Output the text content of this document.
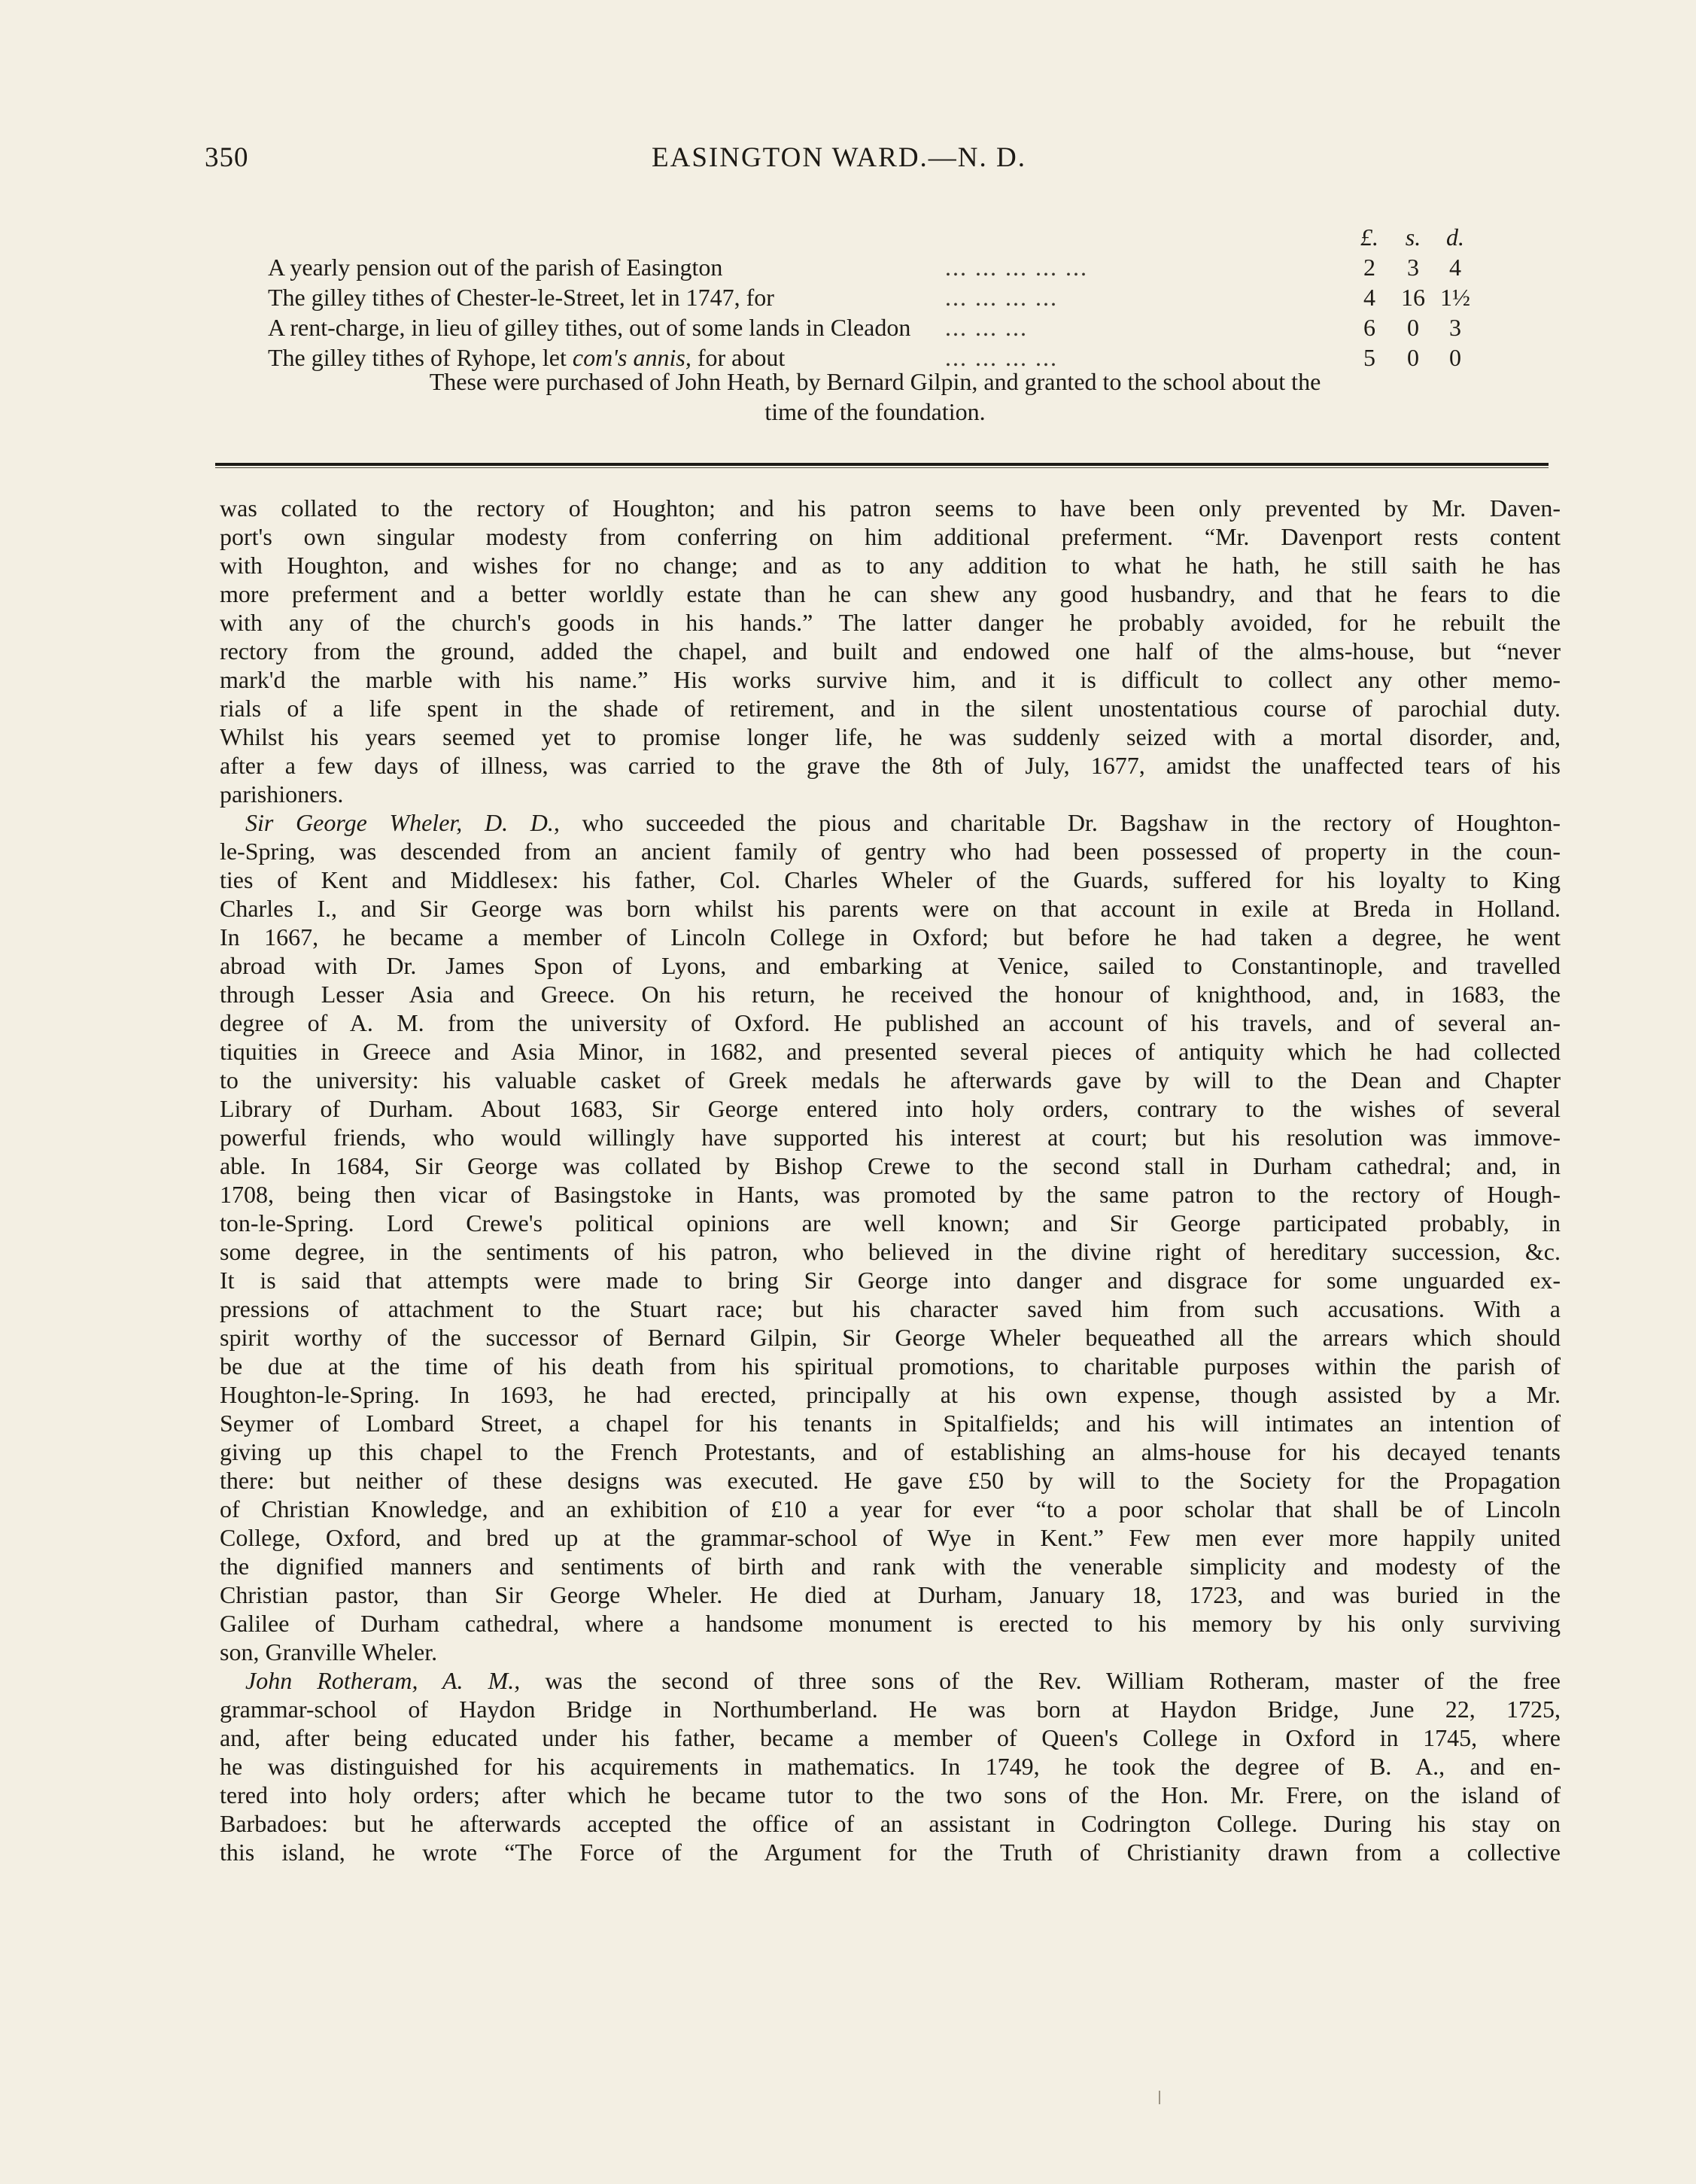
350	EASINGTON WARD.—N. D.
£.	s.	d.
A yearly pension out of the parish of Easington	... ... ... ... ...	2	3	4
The gilley tithes of Chester-le-Street, let in 1747, for	... ... ... ...	4	16 1½
A rent-charge, in lieu of gilley tithes, out of some lands in Cleadon ... ... ...	6	0	3
The gilley tithes of Ryhope, let com's annis, for about	... ... ... ...	5	0	0
These were purchased of John Heath, by Bernard Gilpin, and granted to the school about the
time of the foundation.
was collated to the rectory of Houghton; and his patron seems to have been only prevented by Mr. Daven-
port's own singular modesty from conferring on him additional preferment. “Mr. Davenport rests content
with Houghton, and wishes for no change; and as to any addition to what he hath, he still saith he has
more preferment and a better worldly estate than he can shew any good husbandry, and that he fears to die
with any of the church's goods in his hands.” The latter danger he probably avoided, for he rebuilt the
rectory from the ground, added the chapel, and built and endowed one half of the alms-house, but “never
mark'd the marble with his name.” His works survive him, and it is difficult to collect any other memo-
rials of a life spent in the shade of retirement, and in the silent unostentatious course of parochial duty.
Whilst his years seemed yet to promise longer life, he was suddenly seized with a mortal disorder, and,
after a few days of illness, was carried to the grave the 8th of July, 1677, amidst the unaffected tears of his
parishioners.
Sir George Wheler, D. D., who succeeded the pious and charitable Dr. Bagshaw in the rectory of Houghton-
le-Spring, was descended from an ancient family of gentry who had been possessed of property in the coun-
ties of Kent and Middlesex: his father, Col. Charles Wheler of the Guards, suffered for his loyalty to King
Charles I., and Sir George was born whilst his parents were on that account in exile at Breda in Holland.
In 1667, he became a member of Lincoln College in Oxford; but before he had taken a degree, he went
abroad with Dr. James Spon of Lyons, and embarking at Venice, sailed to Constantinople, and travelled
through Lesser Asia and Greece. On his return, he received the honour of knighthood, and, in 1683, the
degree of A. M. from the university of Oxford. He published an account of his travels, and of several an-
tiquities in Greece and Asia Minor, in 1682, and presented several pieces of antiquity which he had collected
to the university: his valuable casket of Greek medals he afterwards gave by will to the Dean and Chapter
Library of Durham. About 1683, Sir George entered into holy orders, contrary to the wishes of several
powerful friends, who would willingly have supported his interest at court; but his resolution was immove-
able. In 1684, Sir George was collated by Bishop Crewe to the second stall in Durham cathedral; and, in
1708, being then vicar of Basingstoke in Hants, was promoted by the same patron to the rectory of Hough-
ton-le-Spring. Lord Crewe's political opinions are well known; and Sir George participated probably, in
some degree, in the sentiments of his patron, who believed in the divine right of hereditary succession, &c.
It is said that attempts were made to bring Sir George into danger and disgrace for some unguarded ex-
pressions of attachment to the Stuart race; but his character saved him from such accusations. With a
spirit worthy of the successor of Bernard Gilpin, Sir George Wheler bequeathed all the arrears which should
be due at the time of his death from his spiritual promotions, to charitable purposes within the parish of
Houghton-le-Spring. In 1693, he had erected, principally at his own expense, though assisted by a Mr.
Seymer of Lombard Street, a chapel for his tenants in Spitalfields; and his will intimates an intention of
giving up this chapel to the French Protestants, and of establishing an alms-house for his decayed tenants
there: but neither of these designs was executed. He gave £50 by will to the Society for the Propagation
of Christian Knowledge, and an exhibition of £10 a year for ever “to a poor scholar that shall be of Lincoln
College, Oxford, and bred up at the grammar-school of Wye in Kent.” Few men ever more happily united
the dignified manners and sentiments of birth and rank with the venerable simplicity and modesty of the
Christian pastor, than Sir George Wheler. He died at Durham, January 18, 1723, and was buried in the
Galilee of Durham cathedral, where a handsome monument is erected to his memory by his only surviving
son, Granville Wheler.
John Rotheram, A. M., was the second of three sons of the Rev. William Rotheram, master of the free
grammar-school of Haydon Bridge in Northumberland. He was born at Haydon Bridge, June 22, 1725,
and, after being educated under his father, became a member of Queen's College in Oxford in 1745, where
he was distinguished for his acquirements in mathematics. In 1749, he took the degree of B. A., and en-
tered into holy orders; after which he became tutor to the two sons of the Hon. Mr. Frere, on the island of
Barbadoes: but he afterwards accepted the office of an assistant in Codrington College. During his stay on
this island, he wrote “The Force of the Argument for the Truth of Christianity drawn from a collective
